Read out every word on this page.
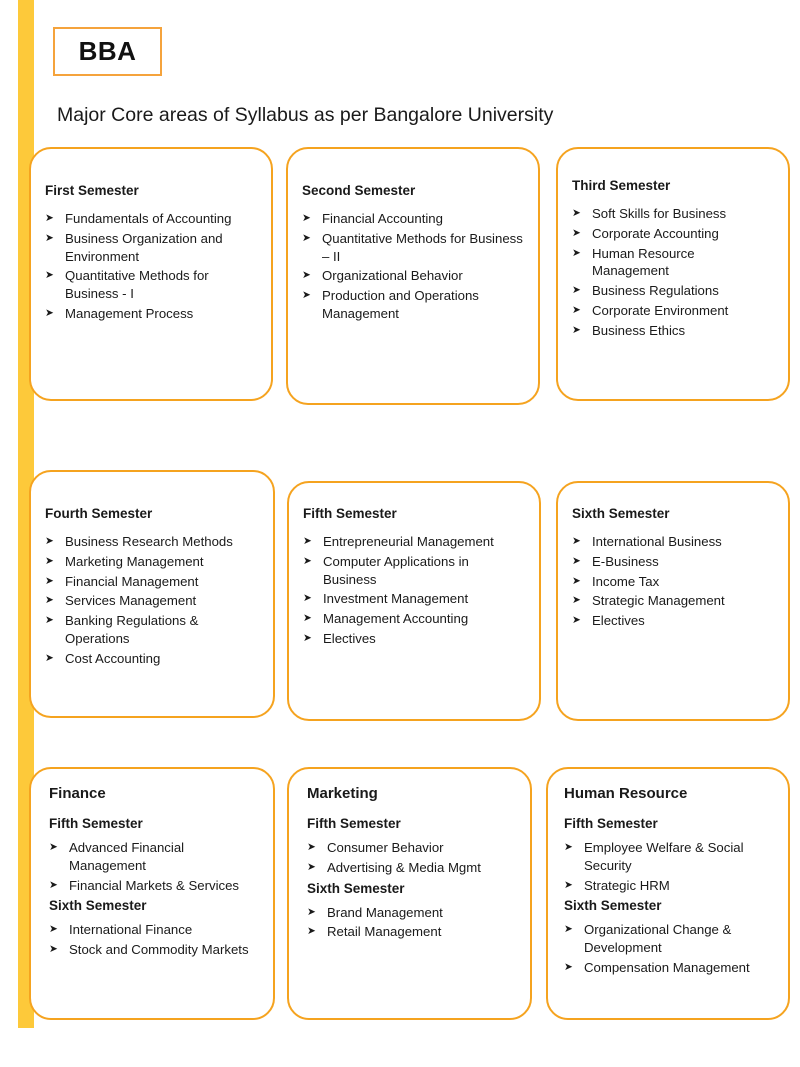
BBA
Major Core areas of Syllabus as per Bangalore University
First Semester
➤ Fundamentals of Accounting
➤ Business Organization and Environment
➤ Quantitative Methods for Business - I
➤ Management Process
Second Semester
➤ Financial Accounting
➤ Quantitative Methods for Business – II
➤ Organizational Behavior
➤ Production and Operations Management
Third Semester
➤ Soft Skills for Business
➤ Corporate Accounting
➤ Human Resource Management
➤ Business Regulations
➤ Corporate Environment
➤ Business Ethics
Fourth Semester
➤ Business Research Methods
➤ Marketing Management
➤ Financial Management
➤ Services Management
➤ Banking Regulations & Operations
➤ Cost Accounting
Fifth Semester
➤ Entrepreneurial Management
➤ Computer Applications in Business
➤ Investment Management
➤ Management Accounting
➤ Electives
Sixth Semester
➤ International Business
➤ E-Business
➤ Income Tax
➤ Strategic Management
➤ Electives
Finance
Fifth Semester
➤ Advanced Financial Management
➤ Financial Markets & Services
Sixth Semester
➤ International Finance
➤ Stock and Commodity Markets
Marketing
Fifth Semester
➤ Consumer Behavior
➤ Advertising & Media Mgmt
Sixth Semester
➤ Brand Management
➤ Retail Management
Human Resource
Fifth Semester
➤ Employee Welfare & Social Security
➤ Strategic HRM
Sixth Semester
➤ Organizational Change & Development
➤ Compensation Management
